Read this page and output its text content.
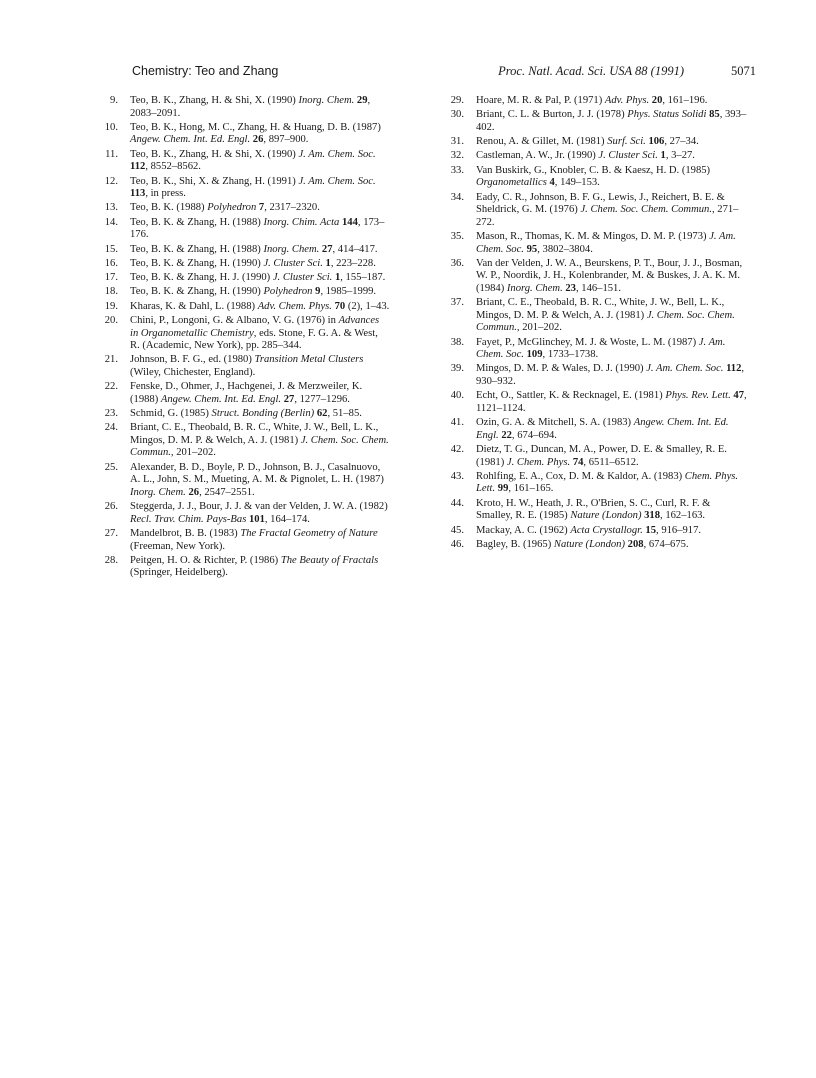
Chemistry: Teo and Zhang	Proc. Natl. Acad. Sci. USA 88 (1991)	5071
9. Teo, B. K., Zhang, H. & Shi, X. (1990) Inorg. Chem. 29, 2083–2091.
10. Teo, B. K., Hong, M. C., Zhang, H. & Huang, D. B. (1987) Angew. Chem. Int. Ed. Engl. 26, 897–900.
11. Teo, B. K., Zhang, H. & Shi, X. (1990) J. Am. Chem. Soc. 112, 8552–8562.
12. Teo, B. K., Shi, X. & Zhang, H. (1991) J. Am. Chem. Soc. 113, in press.
13. Teo, B. K. (1988) Polyhedron 7, 2317–2320.
14. Teo, B. K. & Zhang, H. (1988) Inorg. Chim. Acta 144, 173–176.
15. Teo, B. K. & Zhang, H. (1988) Inorg. Chem. 27, 414–417.
16. Teo, B. K. & Zhang, H. (1990) J. Cluster Sci. 1, 223–228.
17. Teo, B. K. & Zhang, H. J. (1990) J. Cluster Sci. 1, 155–187.
18. Teo, B. K. & Zhang, H. (1990) Polyhedron 9, 1985–1999.
19. Kharas, K. & Dahl, L. (1988) Adv. Chem. Phys. 70 (2), 1–43.
20. Chini, P., Longoni, G. & Albano, V. G. (1976) in Advances in Organometallic Chemistry, eds. Stone, F. G. A. & West, R. (Academic, New York), pp. 285–344.
21. Johnson, B. F. G., ed. (1980) Transition Metal Clusters (Wiley, Chichester, England).
22. Fenske, D., Ohmer, J., Hachgenei, J. & Merzweiler, K. (1988) Angew. Chem. Int. Ed. Engl. 27, 1277–1296.
23. Schmid, G. (1985) Struct. Bonding (Berlin) 62, 51–85.
24. Briant, C. E., Theobald, B. R. C., White, J. W., Bell, L. K., Mingos, D. M. P. & Welch, A. J. (1981) J. Chem. Soc. Chem. Commun., 201–202.
25. Alexander, B. D., Boyle, P. D., Johnson, B. J., Casalnuovo, A. L., John, S. M., Mueting, A. M. & Pignolet, L. H. (1987) Inorg. Chem. 26, 2547–2551.
26. Steggerda, J. J., Bour, J. J. & van der Velden, J. W. A. (1982) Recl. Trav. Chim. Pays-Bas 101, 164–174.
27. Mandelbrot, B. B. (1983) The Fractal Geometry of Nature (Freeman, New York).
28. Peitgen, H. O. & Richter, P. (1986) The Beauty of Fractals (Springer, Heidelberg).
29. Hoare, M. R. & Pal, P. (1971) Adv. Phys. 20, 161–196.
30. Briant, C. L. & Burton, J. J. (1978) Phys. Status Solidi 85, 393–402.
31. Renou, A. & Gillet, M. (1981) Surf. Sci. 106, 27–34.
32. Castleman, A. W., Jr. (1990) J. Cluster Sci. 1, 3–27.
33. Van Buskirk, G., Knobler, C. B. & Kaesz, H. D. (1985) Organometallics 4, 149–153.
34. Eady, C. R., Johnson, B. F. G., Lewis, J., Reichert, B. E. & Sheldrick, G. M. (1976) J. Chem. Soc. Chem. Commun., 271–272.
35. Mason, R., Thomas, K. M. & Mingos, D. M. P. (1973) J. Am. Chem. Soc. 95, 3802–3804.
36. Van der Velden, J. W. A., Beurskens, P. T., Bour, J. J., Bosman, W. P., Noordik, J. H., Kolenbrander, M. & Buskes, J. A. K. M. (1984) Inorg. Chem. 23, 146–151.
37. Briant, C. E., Theobald, B. R. C., White, J. W., Bell, L. K., Mingos, D. M. P. & Welch, A. J. (1981) J. Chem. Soc. Chem. Commun., 201–202.
38. Fayet, P., McGlinchey, M. J. & Woste, L. M. (1987) J. Am. Chem. Soc. 109, 1733–1738.
39. Mingos, D. M. P. & Wales, D. J. (1990) J. Am. Chem. Soc. 112, 930–932.
40. Echt, O., Sattler, K. & Recknagel, E. (1981) Phys. Rev. Lett. 47, 1121–1124.
41. Ozin, G. A. & Mitchell, S. A. (1983) Angew. Chem. Int. Ed. Engl. 22, 674–694.
42. Dietz, T. G., Duncan, M. A., Power, D. E. & Smalley, R. E. (1981) J. Chem. Phys. 74, 6511–6512.
43. Rohlfing, E. A., Cox, D. M. & Kaldor, A. (1983) Chem. Phys. Lett. 99, 161–165.
44. Kroto, H. W., Heath, J. R., O'Brien, S. C., Curl, R. F. & Smalley, R. E. (1985) Nature (London) 318, 162–163.
45. Mackay, A. C. (1962) Acta Crystallogr. 15, 916–917.
46. Bagley, B. (1965) Nature (London) 208, 674–675.
